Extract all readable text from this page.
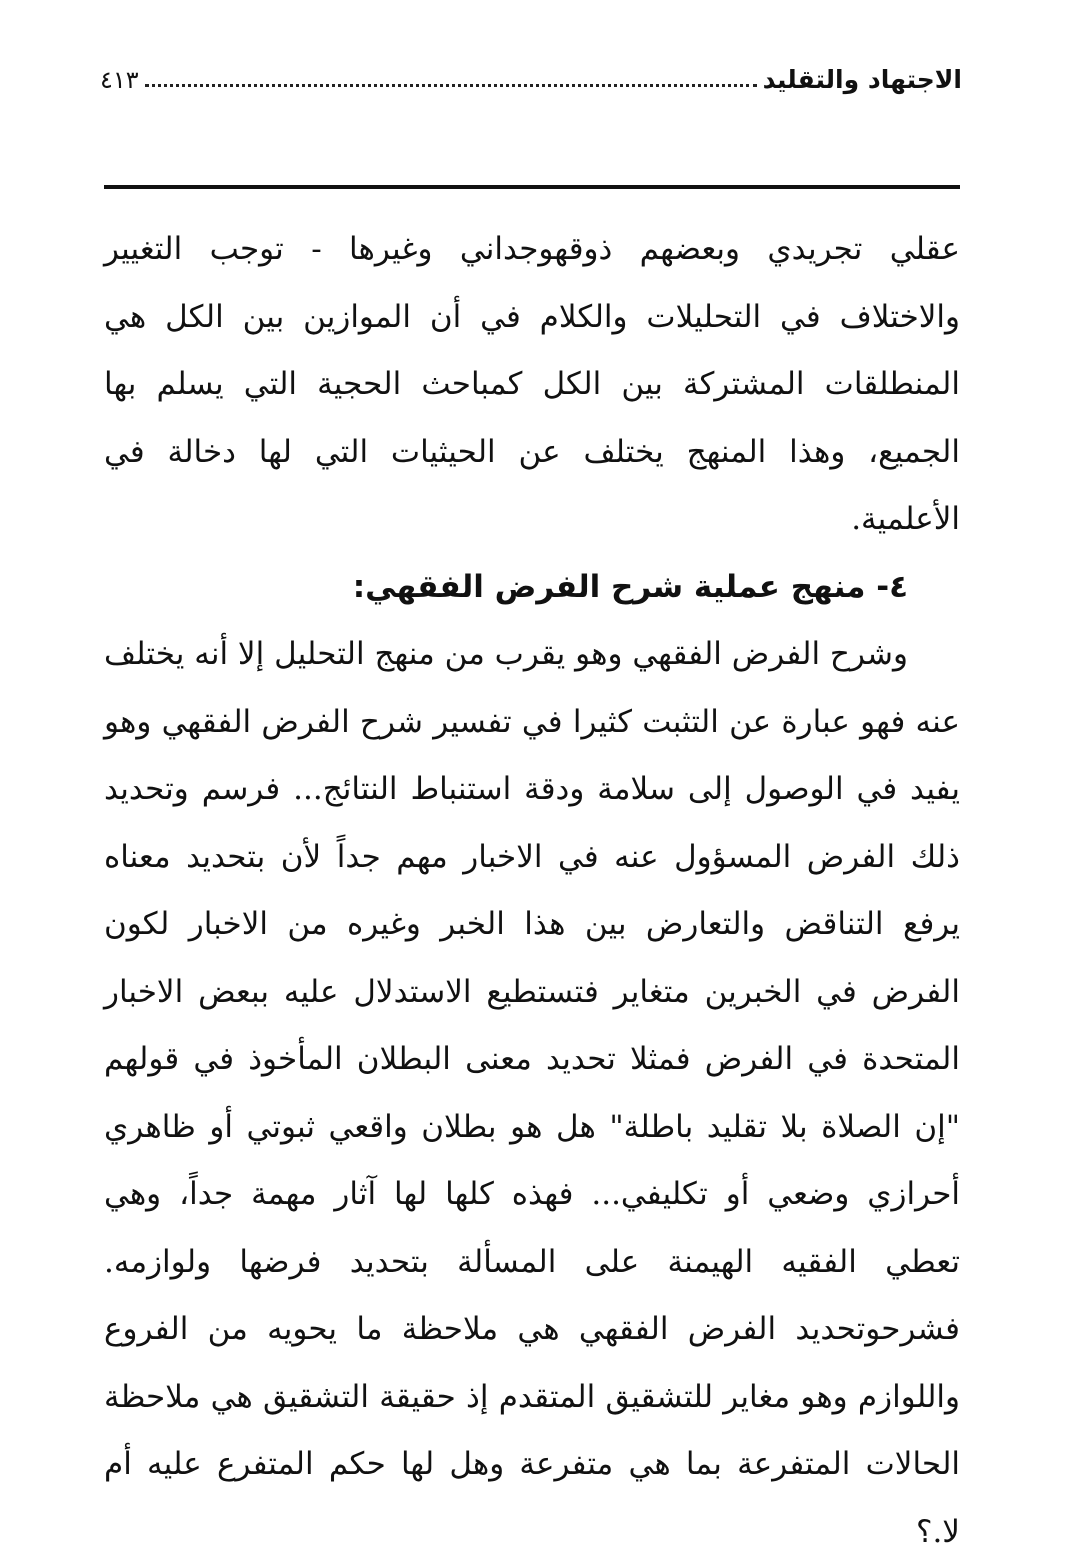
الاجتهاد والتقليد
٤١٣

عقلي تجريدي وبعضهم ذوقهوجداني وغيرها - توجب التغيير والاختلاف في التحليلات والكلام في أن الموازين بين الكل هي المنطلقات المشتركة بين الكل كمباحث الحجية التي يسلم بها الجميع، وهذا المنهج يختلف عن الحيثيات التي لها دخالة في الأعلمية.

٤- منهج عملية شرح الفرض الفقهي:

وشرح الفرض الفقهي وهو يقرب من منهج التحليل إلا أنه يختلف عنه فهو عبارة عن التثبت كثيرا في تفسير شرح الفرض الفقهي وهو يفيد في الوصول إلى سلامة ودقة استنباط النتائج... فرسم وتحديد ذلك الفرض المسؤول عنه في الاخبار مهم جداً لأن بتحديد معناه يرفع التناقض والتعارض بين هذا الخبر وغيره من الاخبار لكون الفرض في الخبرين متغاير فتستطيع الاستدلال عليه ببعض الاخبار المتحدة في الفرض فمثلا تحديد معنى البطلان المأخوذ في قولهم "إن الصلاة بلا تقليد باطلة" هل هو بطلان واقعي ثبوتي أو ظاهري أحرازي وضعي أو تكليفي... فهذه كلها لها آثار مهمة جداً، وهي تعطي الفقيه الهيمنة على المسألة بتحديد فرضها ولوازمه. فشرحوتحديد الفرض الفقهي هي ملاحظة ما يحويه من الفروع واللوازم وهو مغاير للتشقيق المتقدم إذ حقيقة التشقيق هي ملاحظة الحالات المتفرعة بما هي متفرعة وهل لها حكم المتفرع عليه أم لا.؟
